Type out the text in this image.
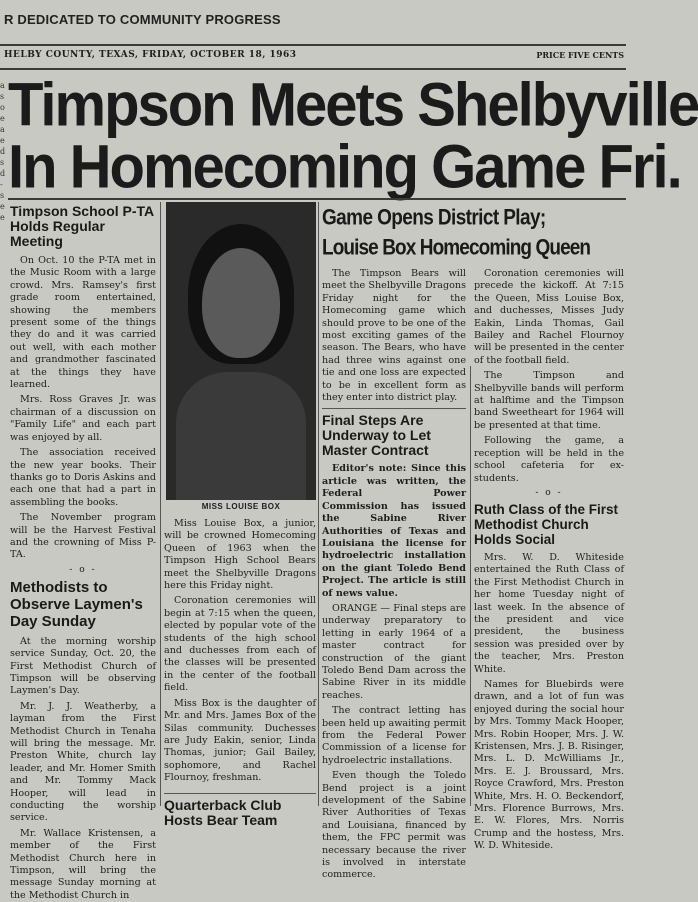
R DEDICATED TO COMMUNITY PROGRESS
HELBY COUNTY, TEXAS, FRIDAY, OCTOBER 18, 1963	PRICE FIVE CENTS
a
s
o
e
a
e
d
s
d
-
s
e
e
Timpson Meets Shelbyville
In Homecoming Game Fri.
Timpson School P-TA Holds Regular Meeting

On Oct. 10 the P-TA met in the Music Room with a large crowd. Mrs. Ramsey's first grade room entertained, showing the members present some of the things they do and it was carried out well, with each mother and grandmother fascinated at the things they have learned.

Mrs. Ross Graves Jr. was chairman of a discussion on "Family Life" and each part was enjoyed by all.

The association received the new year books. Their thanks go to Doris Askins and each one that had a part in assembling the books.

The November program will be the Harvest Festival and the crowning of Miss P-TA.

- o -
Methodists to Observe Laymen's Day Sunday

At the morning worship service Sunday, Oct. 20, the First Methodist Church of Timpson will be observing Laymen's Day.

Mr. J. J. Weatherby, a layman from the First Methodist Church in Tenaha will bring the message. Mr. Preston White, church lay leader, and Mr. Homer Smith and Mr. Tommy Mack Hooper, will lead in conducting the worship service.

Mr. Wallace Kristensen, a member of the First Methodist Church here in Timpson, will bring the message Sunday morning at the Methodist Church in

MISS LOUISE BOX

Miss Louise Box, a junior, will be crowned Homecoming Queen of 1963 when the Timpson High School Bears meet the Shelbyville Dragons here this Friday night.

Coronation ceremonies will begin at 7:15 when the queen, elected by popular vote of the students of the high school and duchesses from each of the classes will be presented in the center of the football field.

Miss Box is the daughter of Mr. and Mrs. James Box of the Silas community. Duchesses are Judy Eakin, senior, Linda Thomas, junior; Gail Bailey, sophomore, and Rachel Flournoy, freshman.

Quarterback Club Hosts Bear Team
Game Opens District Play;
Louise Box Homecoming Queen

The Timpson Bears will meet the Shelbyville Dragons Friday night for the Homecoming game which should prove to be one of the most exciting games of the season. The Bears, who have had three wins against one tie and one loss are expected to be in excellent form as they enter into district play.

Final Steps Are Underway to Let Master Contract

Editor's note: Since this article was written, the Federal Power Commission has issued the Sabine River Authorities of Texas and Louisiana the license for hydroelectric installation on the giant Toledo Bend Project. The article is still of news value.

ORANGE — Final steps are underway preparatory to letting in early 1964 of a master contract for construction of the giant Toledo Bend Dam across the Sabine River in its middle reaches.

The contract letting has been held up awaiting permit from the Federal Power Commission of a license for hydroelectric installations.

Even though the Toledo Bend project is a joint development of the Sabine River Authorities of Texas and Louisiana, financed by them, the FPC permit was necessary because the river is involved in interstate commerce.

Coronation ceremonies will precede the kickoff. At 7:15 the Queen, Miss Louise Box, and duchesses, Misses Judy Eakin, Linda Thomas, Gail Bailey and Rachel Flournoy will be presented in the center of the football field.

The Timpson and Shelbyville bands will perform at halftime and the Timpson band Sweetheart for 1964 will be presented at that time.

Following the game, a reception will be held in the school cafeteria for ex-students.

- o -
Ruth Class of the First Methodist Church Holds Social

Mrs. W. D. Whiteside entertained the Ruth Class of the First Methodist Church in her home Tuesday night of last week. In the absence of the president and vice president, the business session was presided over by the teacher, Mrs. Preston White.

Names for Bluebirds were drawn, and a lot of fun was enjoyed during the social hour by Mrs. Tommy Mack Hooper, Mrs. Robin Hooper, Mrs. J. W. Kristensen, Mrs. J. B. Risinger, Mrs. L. D. McWilliams Jr., Mrs. E. J. Broussard, Mrs. Royce Crawford, Mrs. Preston White, Mrs. H. O. Beckendorf, Mrs. Florence Burrows, Mrs. E. W. Flores, Mrs. Norris Crump and the hostess, Mrs. W. D. Whiteside.
